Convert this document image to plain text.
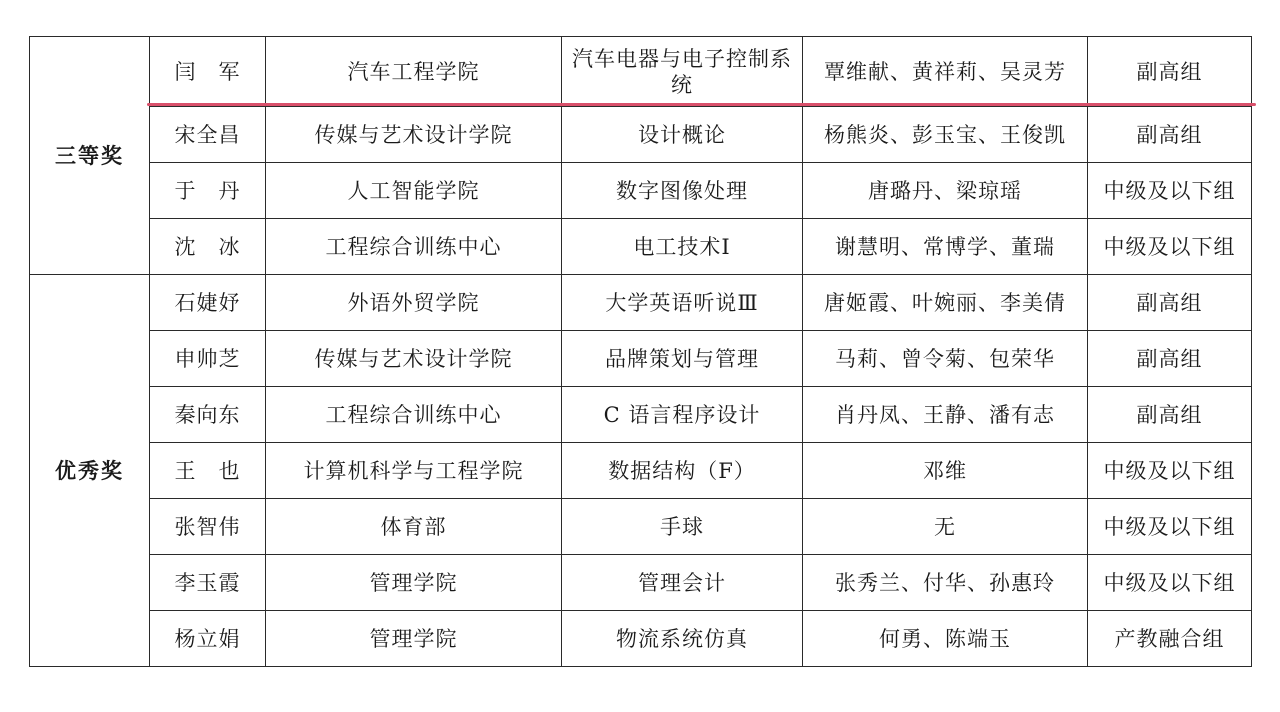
三等奖	闫　军	汽车工程学院	汽车电器与电子控制系统	覃维献、黄祥莉、吴灵芳	副高组
	宋全昌	传媒与艺术设计学院	设计概论	杨熊炎、彭玉宝、王俊凯	副高组
	于　丹	人工智能学院	数字图像处理	唐璐丹、梁琼瑶	中级及以下组
	沈　冰	工程综合训练中心	电工技术Ⅰ	谢慧明、常博学、董瑞	中级及以下组
优秀奖	石婕妤	外语外贸学院	大学英语听说Ⅲ	唐姬霞、叶婉丽、李美倩	副高组
	申帅芝	传媒与艺术设计学院	品牌策划与管理	马莉、曾令菊、包荣华	副高组
	秦向东	工程综合训练中心	C 语言程序设计	肖丹凤、王静、潘有志	副高组
	王　也	计算机科学与工程学院	数据结构（F）	邓维	中级及以下组
	张智伟	体育部	手球	无	中级及以下组
	李玉霞	管理学院	管理会计	张秀兰、付华、孙惠玲	中级及以下组
	杨立娟	管理学院	物流系统仿真	何勇、陈端玉	产教融合组
